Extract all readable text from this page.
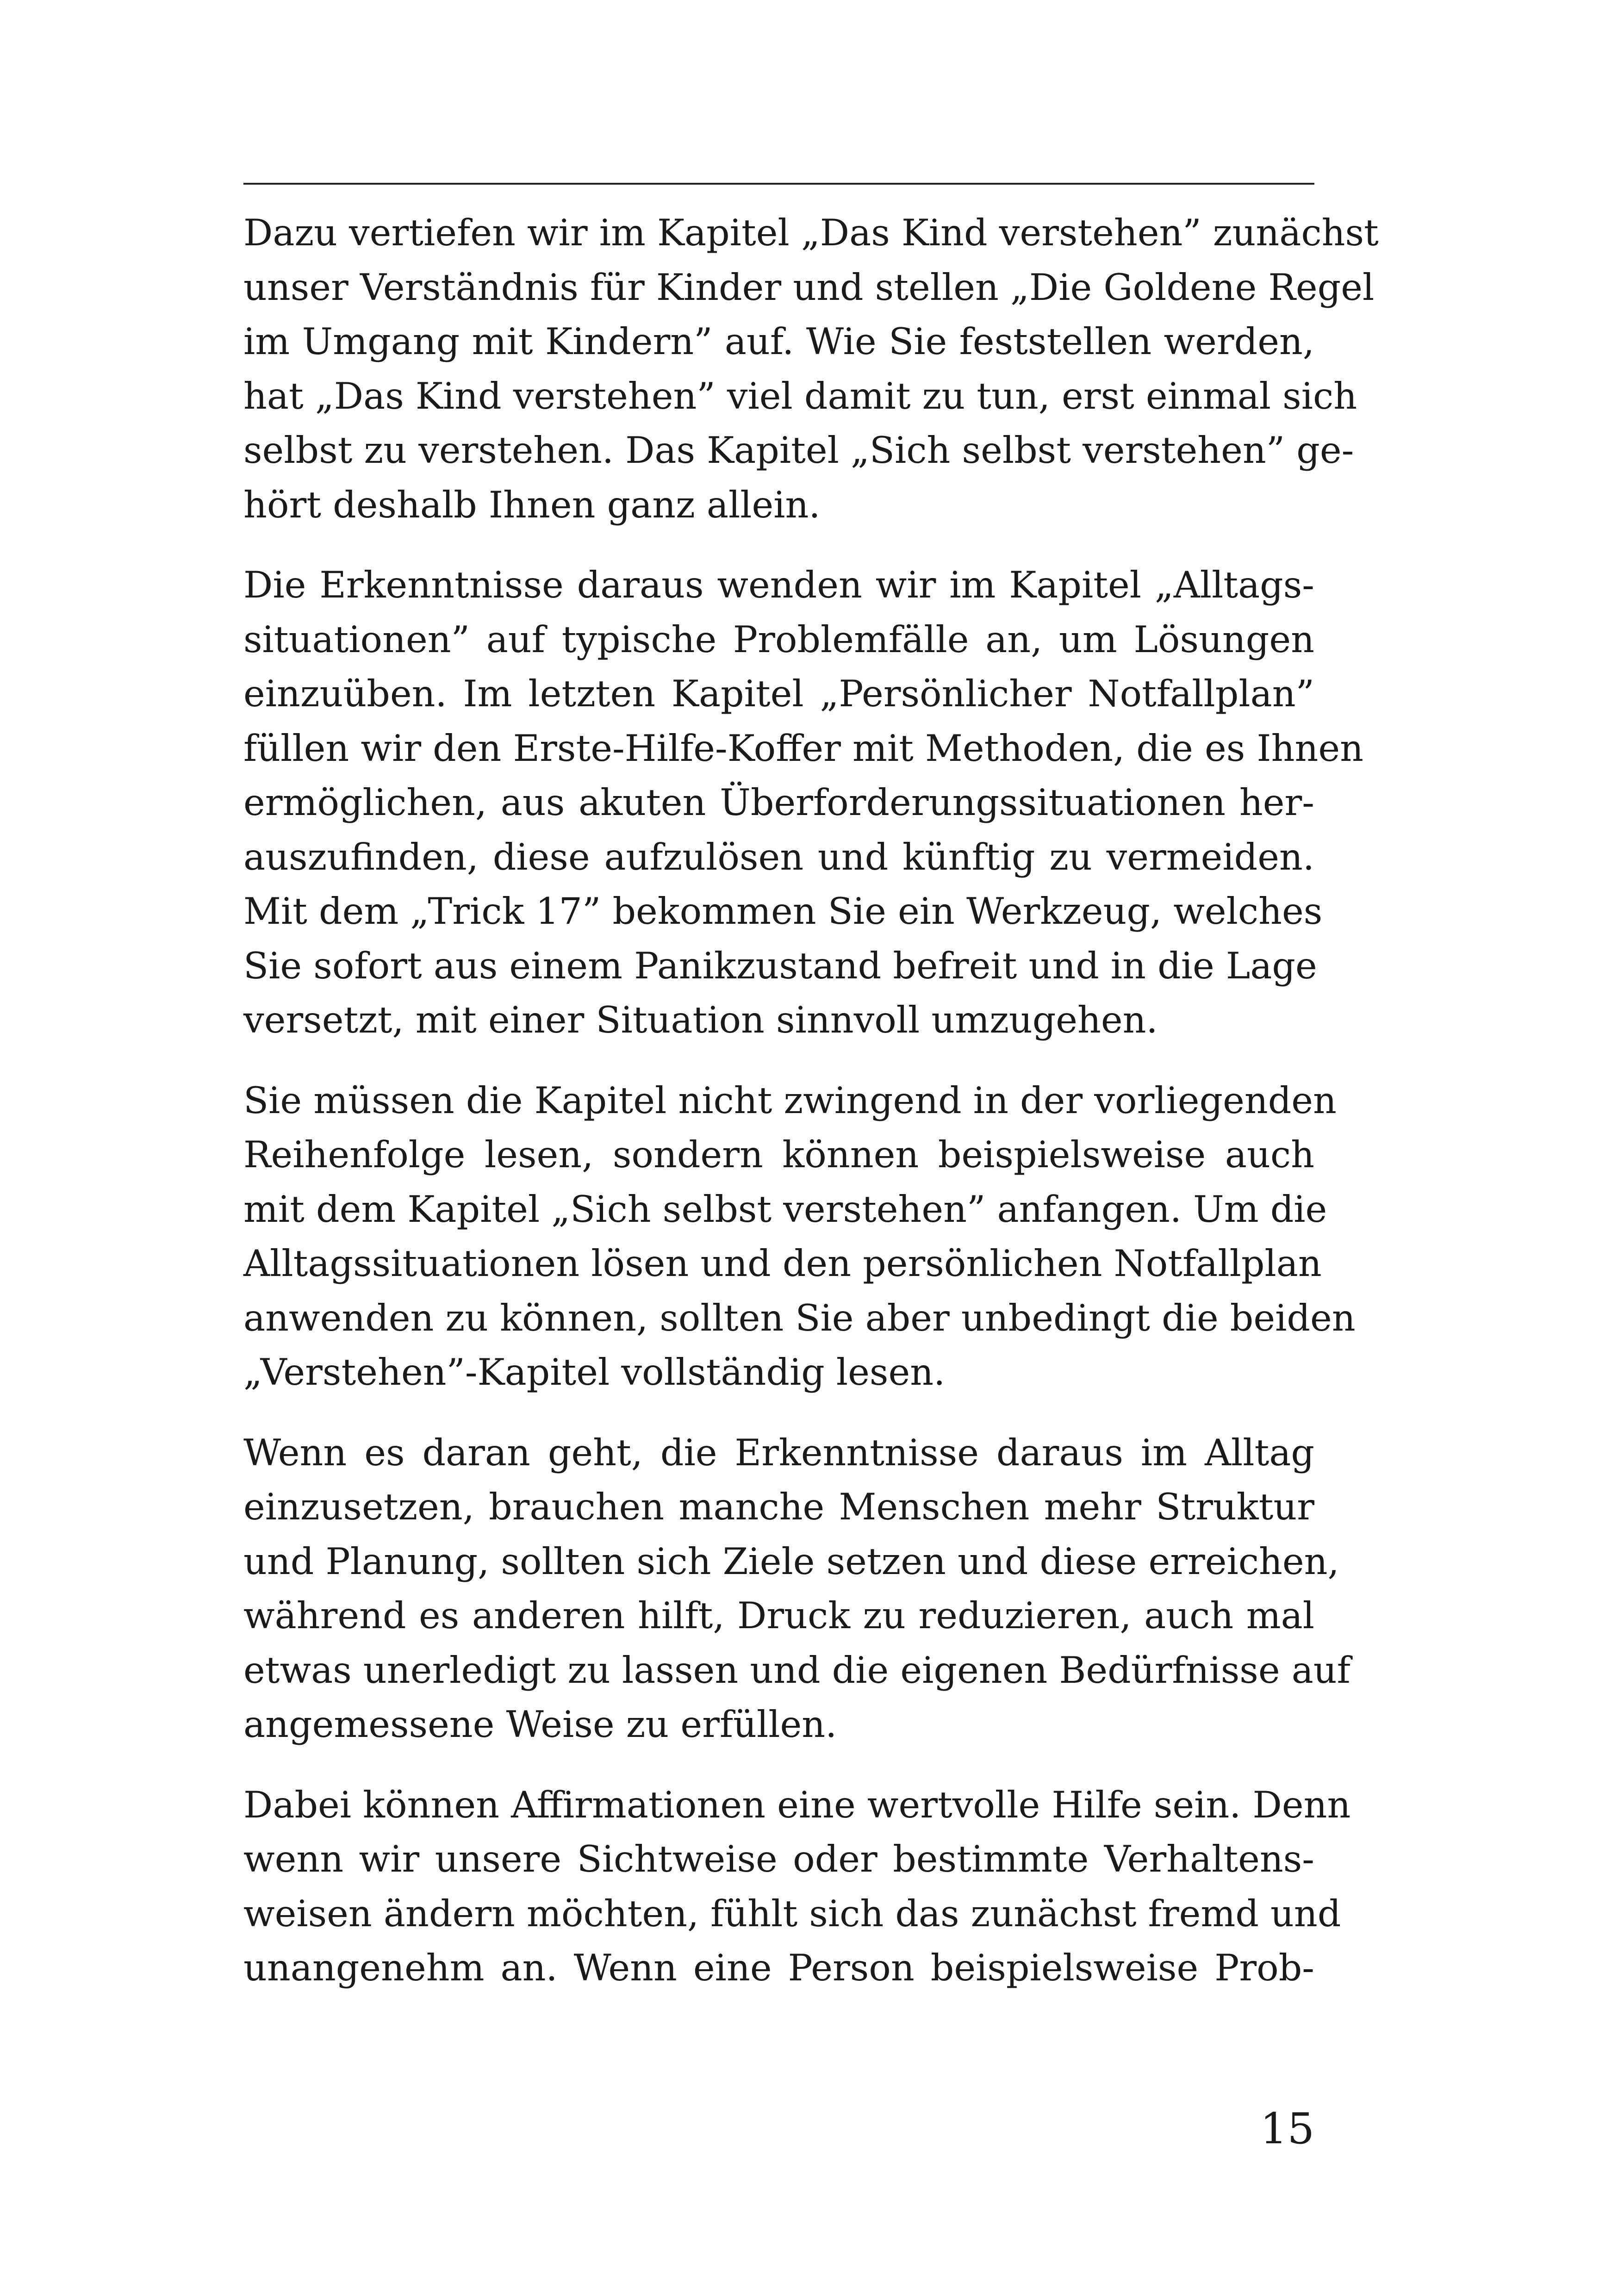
Dazu vertiefen wir im Kapitel „Das Kind verstehen” zunächst
unser Verständnis für Kinder und stellen „Die Goldene Regel
im Umgang mit Kindern” auf. Wie Sie feststellen werden,
hat „Das Kind verstehen” viel damit zu tun, erst einmal sich
selbst zu verstehen. Das Kapitel „Sich selbst verstehen” ge-
hört deshalb Ihnen ganz allein.
Die Erkenntnisse daraus wenden wir im Kapitel „Alltags-
situationen” auf typische Problemfälle an, um Lösungen
einzuüben. Im letzten Kapitel „Persönlicher Notfallplan”
füllen wir den Erste-Hilfe-Koffer mit Methoden, die es Ihnen
ermöglichen, aus akuten Überforderungssituationen her-
auszufinden, diese aufzulösen und künftig zu vermeiden.
Mit dem „Trick 17” bekommen Sie ein Werkzeug, welches
Sie sofort aus einem Panikzustand befreit und in die Lage
versetzt, mit einer Situation sinnvoll umzugehen.
Sie müssen die Kapitel nicht zwingend in der vorliegenden
Reihenfolge lesen, sondern können beispielsweise auch
mit dem Kapitel „Sich selbst verstehen” anfangen. Um die
Alltagssituationen lösen und den persönlichen Notfallplan
anwenden zu können, sollten Sie aber unbedingt die beiden
„Verstehen”-Kapitel vollständig lesen.
Wenn es daran geht, die Erkenntnisse daraus im Alltag
einzusetzen, brauchen manche Menschen mehr Struktur
und Planung, sollten sich Ziele setzen und diese erreichen,
während es anderen hilft, Druck zu reduzieren, auch mal
etwas unerledigt zu lassen und die eigenen Bedürfnisse auf
angemessene Weise zu erfüllen.
Dabei können Affirmationen eine wertvolle Hilfe sein. Denn
wenn wir unsere Sichtweise oder bestimmte Verhaltens-
weisen ändern möchten, fühlt sich das zunächst fremd und
unangenehm an. Wenn eine Person beispielsweise Prob-
15
